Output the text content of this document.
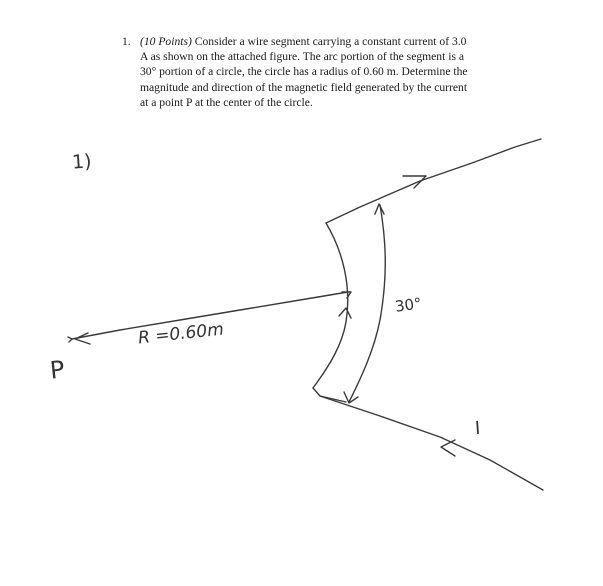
1. (10 Points) Consider a wire segment carrying a constant current of 3.0
A as shown on the attached figure. The arc portion of the segment is a
30° portion of a circle, the circle has a radius of 0.60 m. Determine the
magnitude and direction of the magnetic field generated by the current
at a point P at the center of the circle.
1)
P
R =0.60m
30°
I
